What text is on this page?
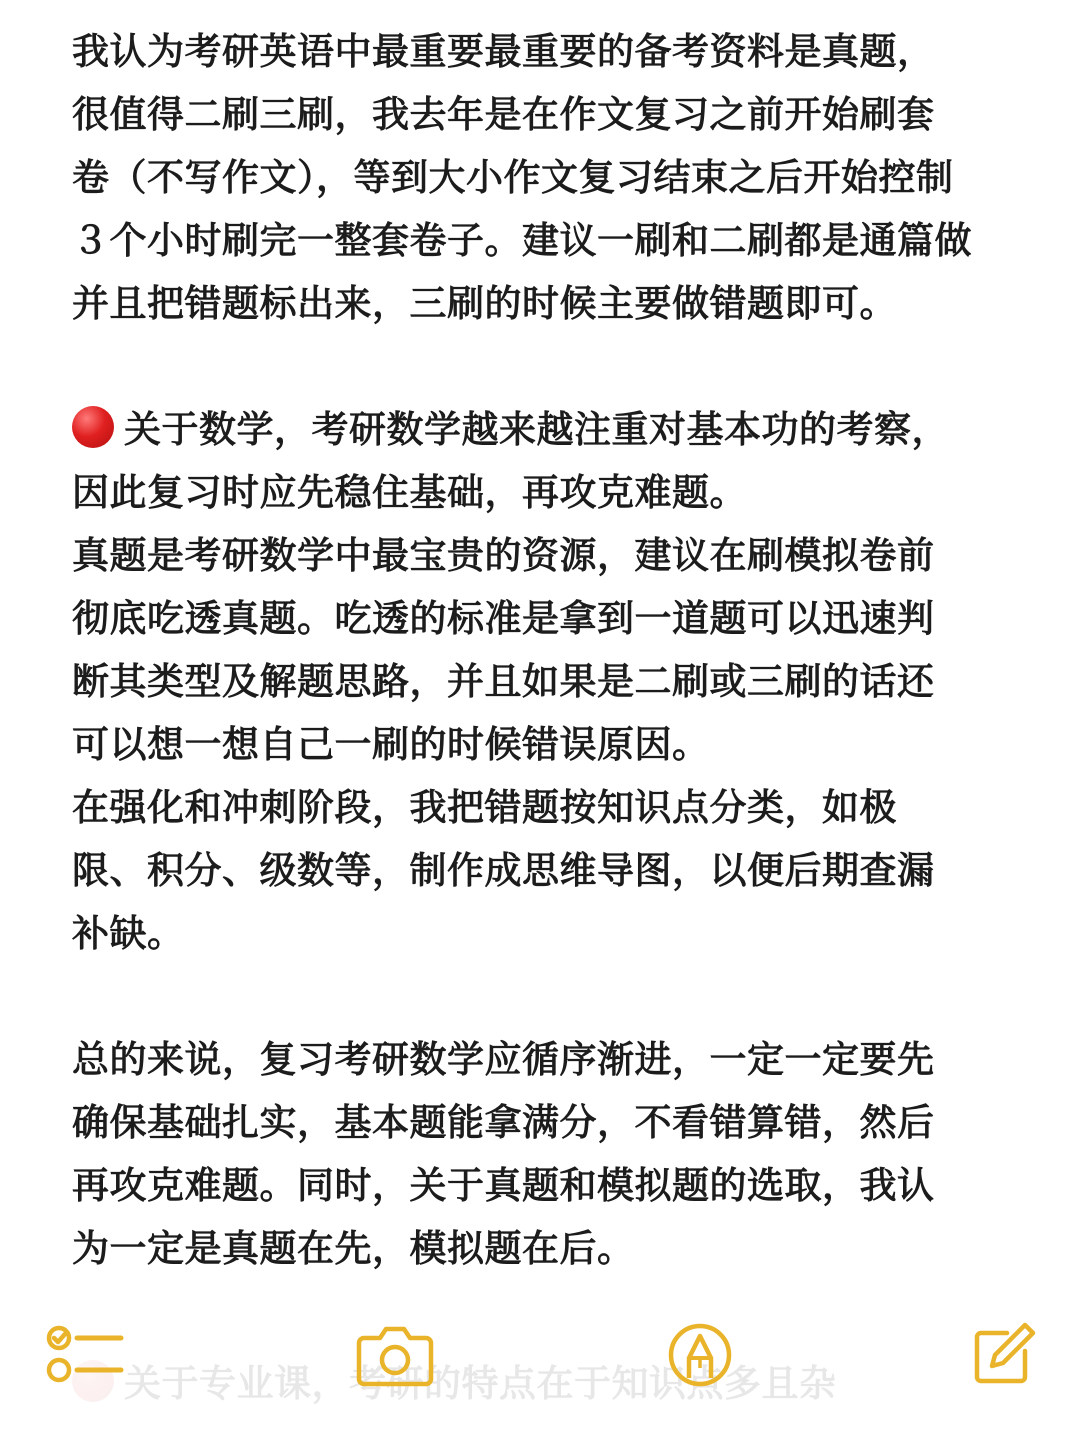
我认为考研英语中最重要最重要的备考资料是真题，
很值得二刷三刷，我去年是在作文复习之前开始刷套
卷（不写作文），等到大小作文复习结束之后开始控制
３个小时刷完一整套卷子。建议一刷和二刷都是通篇做
并且把错题标出来，三刷的时候主要做错题即可。

关于数学，考研数学越来越注重对基本功的考察，
因此复习时应先稳住基础，再攻克难题。
真题是考研数学中最宝贵的资源，建议在刷模拟卷前
彻底吃透真题。吃透的标准是拿到一道题可以迅速判
断其类型及解题思路，并且如果是二刷或三刷的话还
可以想一想自己一刷的时候错误原因。
在强化和冲刺阶段，我把错题按知识点分类，如极
限、积分、级数等，制作成思维导图，以便后期查漏
补缺。

总的来说，复习考研数学应循序渐进，一定一定要先
确保基础扎实，基本题能拿满分，不看错算错，然后
再攻克难题。同时，关于真题和模拟题的选取，我认
为一定是真题在先，模拟题在后。

关于专业课，考研的特点在于知识点多且杂
